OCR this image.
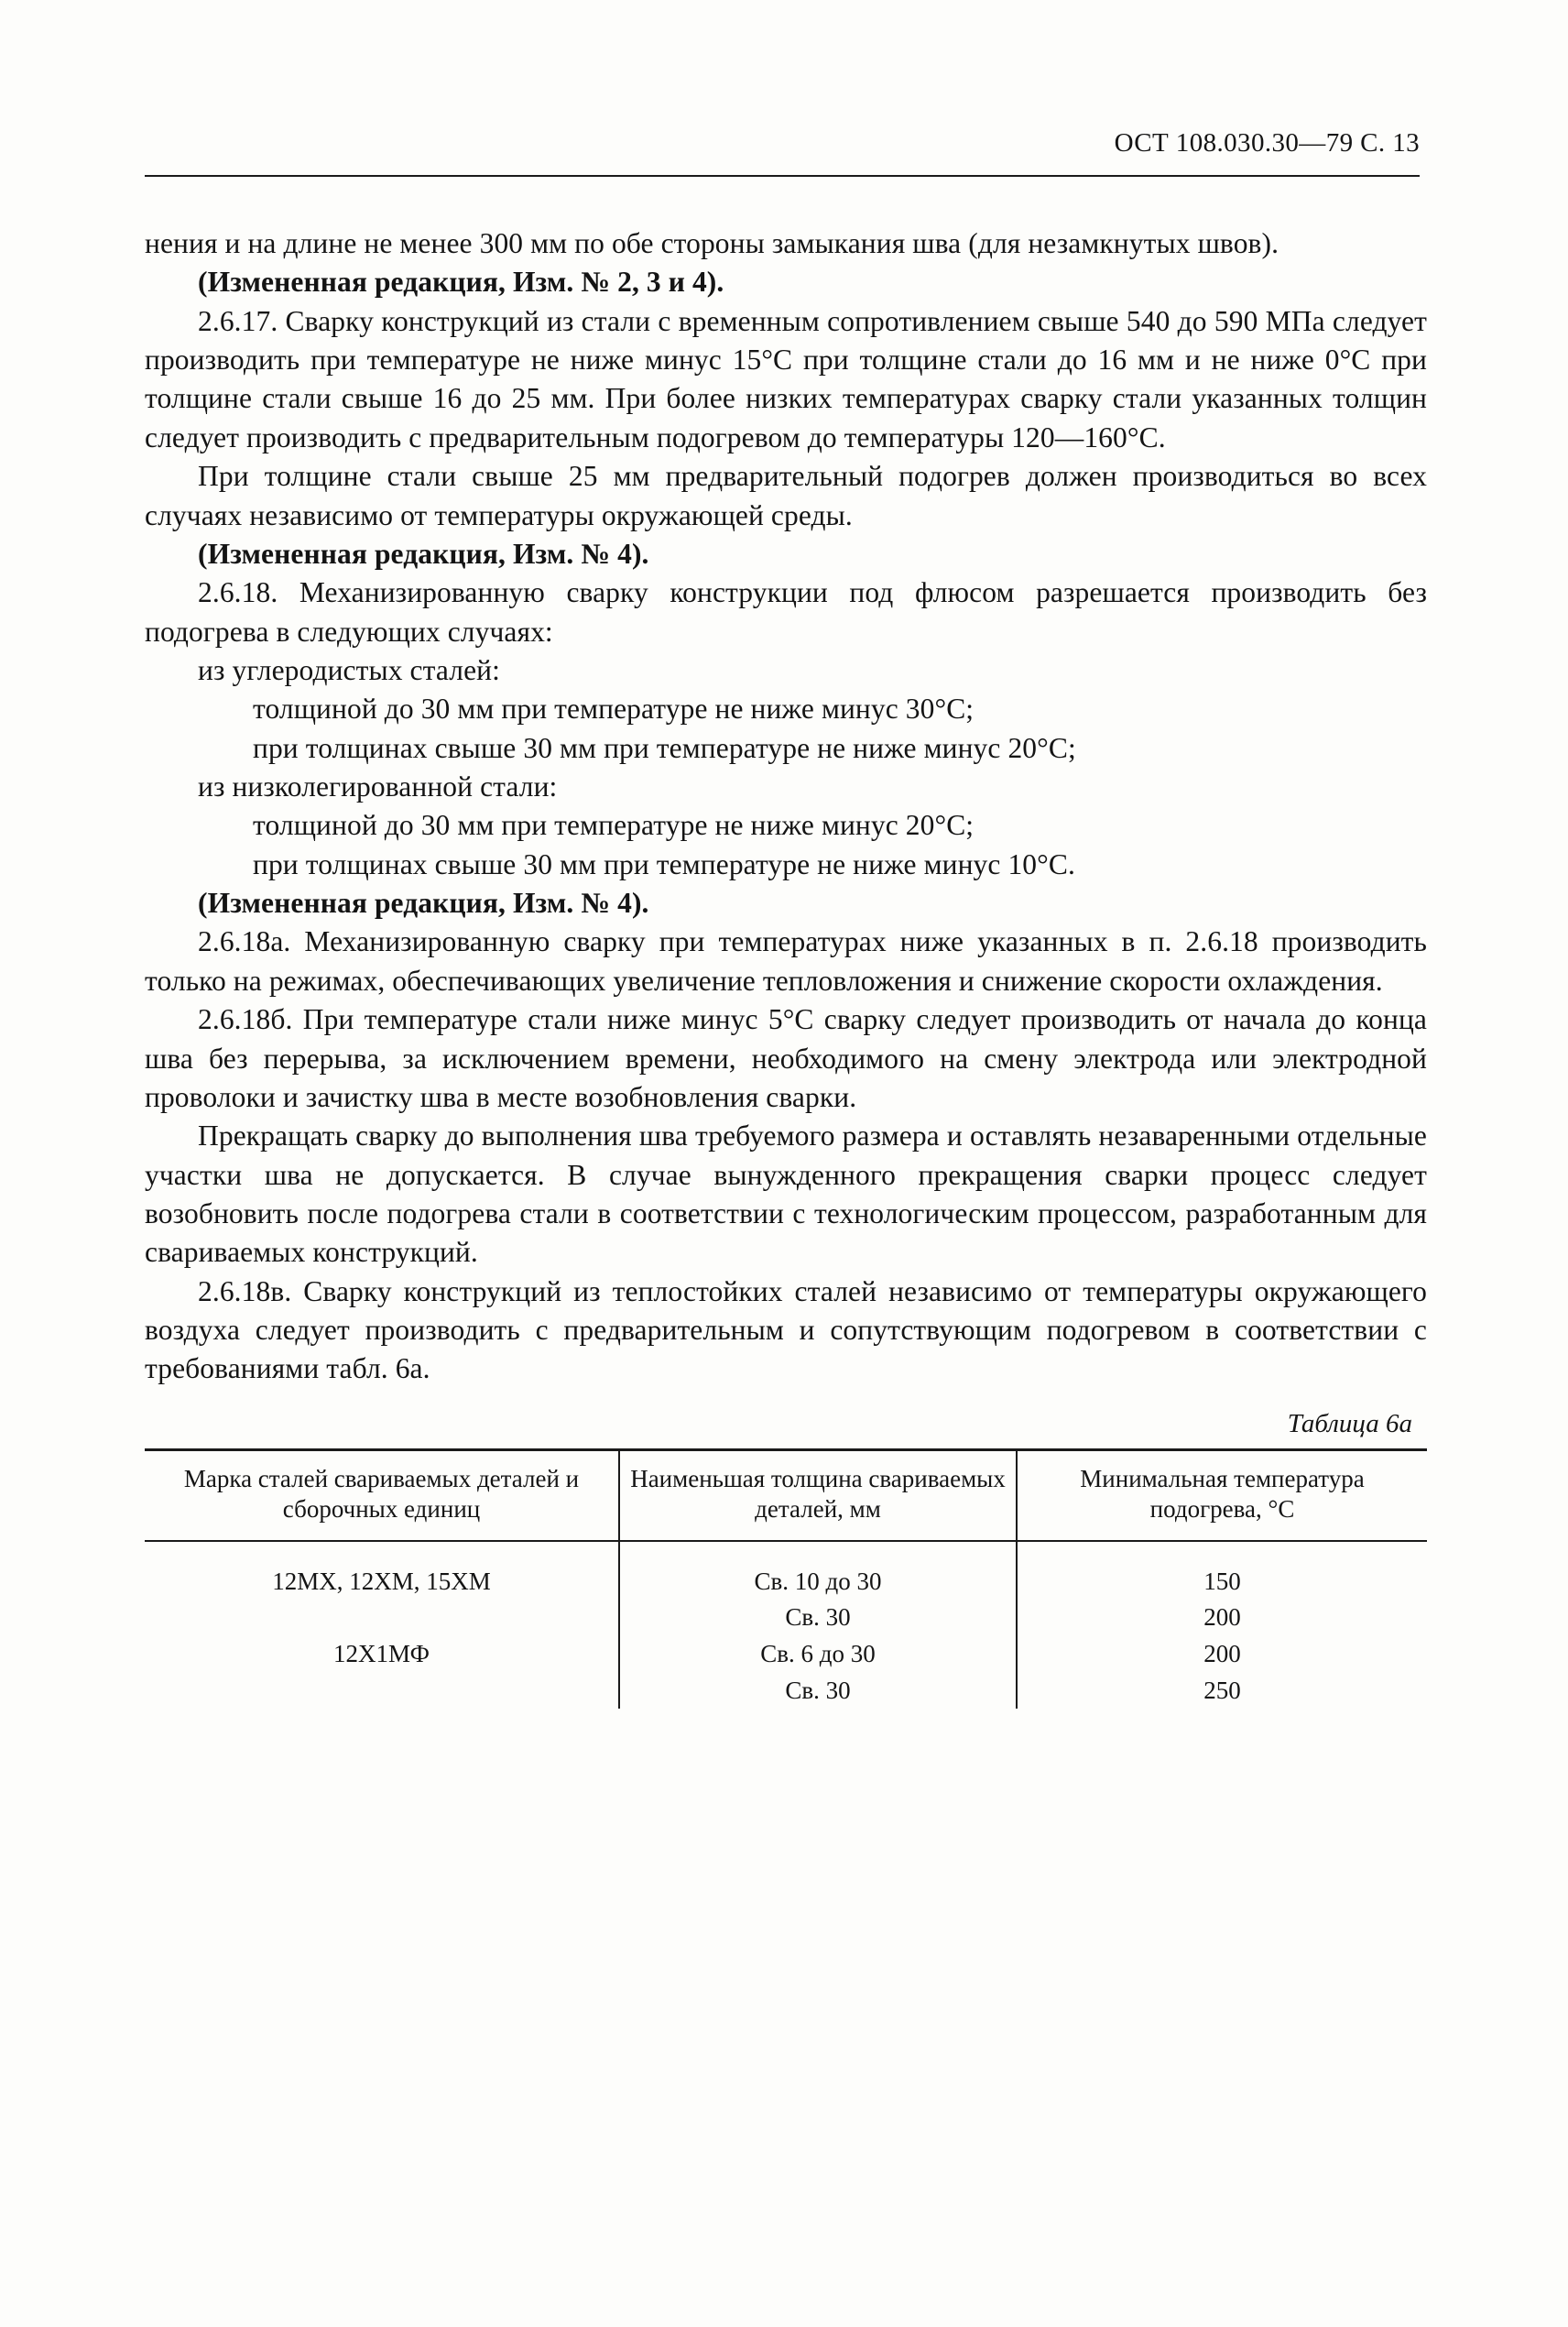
ОСТ 108.030.30—79 С. 13

нения и на длине не менее 300 мм по обе стороны замыкания шва (для незамкнутых швов).

(Измененная редакция, Изм. № 2, 3 и 4).

2.6.17. Сварку конструкций из стали с временным сопротивлением свыше 540 до 590 МПа следует производить при температуре не ниже минус 15°С при толщине стали до 16 мм и не ниже 0°С при толщине стали свыше 16 до 25 мм. При более низких температурах сварку стали указанных толщин следует производить с предварительным подогревом до температуры 120—160°С.

При толщине стали свыше 25 мм предварительный подогрев должен производиться во всех случаях независимо от температуры окружающей среды.

(Измененная редакция, Изм. № 4).

2.6.18. Механизированную сварку конструкции под флюсом разрешается производить без подогрева в следующих случаях:

из углеродистых сталей:

толщиной до 30 мм при температуре не ниже минус 30°С;

при толщинах свыше 30 мм при температуре не ниже минус 20°С;

из низколегированной стали:

толщиной до 30 мм при температуре не ниже минус 20°С;

при толщинах свыше 30 мм при температуре не ниже минус 10°С.

(Измененная редакция, Изм. № 4).

2.6.18а. Механизированную сварку при температурах ниже указанных в п. 2.6.18 производить только на режимах, обеспечивающих увеличение тепловложения и снижение скорости охлаждения.

2.6.18б. При температуре стали ниже минус 5°С сварку следует производить от начала до конца шва без перерыва, за исключением времени, необходимого на смену электрода или электродной проволоки и зачистку шва в месте возобновления сварки.

Прекращать сварку до выполнения шва требуемого размера и оставлять незаваренными отдельные участки шва не допускается. В случае вынужденного прекращения сварки процесс следует возобновить после подогрева стали в соответствии с технологическим процессом, разработанным для свариваемых конструкций.

2.6.18в. Сварку конструкций из теплостойких сталей независимо от температуры окружающего воздуха следует производить с предварительным и сопутствующим подогревом в соответствии с требованиями табл. 6а.

Таблица 6а
Марка сталей свариваемых деталей и сборочных единиц	Наименьшая толщина свариваемых деталей, мм	Минимальная температура подогрева, °С
12МХ, 12ХМ, 15ХМ	Св. 10 до 30	150
	Св. 30	200
12Х1МФ	Св. 6 до 30	200
	Св. 30	250
